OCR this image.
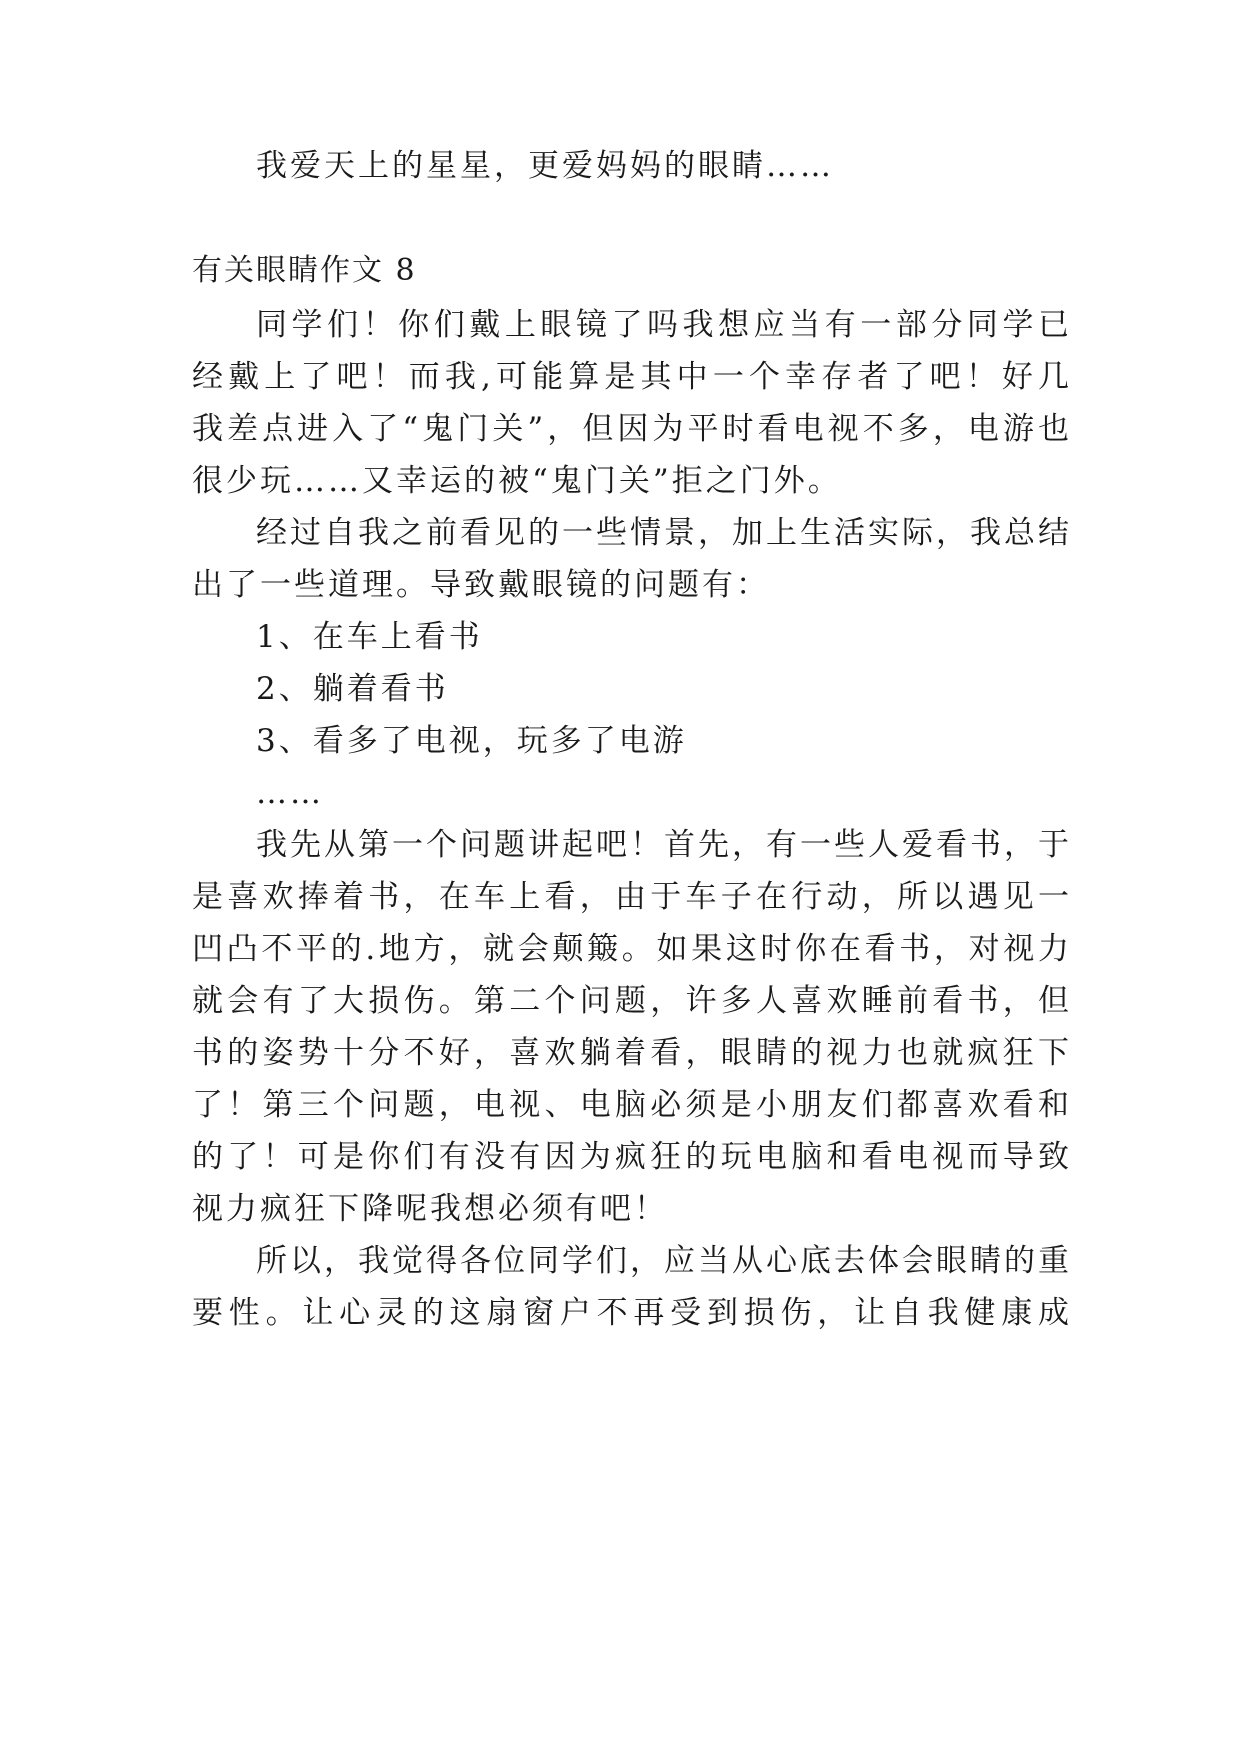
我爱天上的星星，更爱妈妈的眼睛……
有关眼睛作文 8
同学们！你们戴上眼镜了吗我想应当有一部分同学已
经戴上了吧！而我,可能算是其中一个幸存者了吧！好几
我差点进入了“鬼门关”，但因为平时看电视不多，电游也
很少玩……又幸运的被“鬼门关”拒之门外。
经过自我之前看见的一些情景，加上生活实际，我总结
出了一些道理。导致戴眼镜的问题有：
1、在车上看书
2、躺着看书
3、看多了电视，玩多了电游
……
我先从第一个问题讲起吧！首先，有一些人爱看书，于
是喜欢捧着书，在车上看，由于车子在行动，所以遇见一
凹凸不平的.地方，就会颠簸。如果这时你在看书，对视力
就会有了大损伤。第二个问题，许多人喜欢睡前看书，但
书的姿势十分不好，喜欢躺着看，眼睛的视力也就疯狂下
了！第三个问题，电视、电脑必须是小朋友们都喜欢看和
的了！可是你们有没有因为疯狂的玩电脑和看电视而导致
视力疯狂下降呢我想必须有吧！
所以，我觉得各位同学们，应当从心底去体会眼睛的重
要性。让心灵的这扇窗户不再受到损伤，让自我健康成
